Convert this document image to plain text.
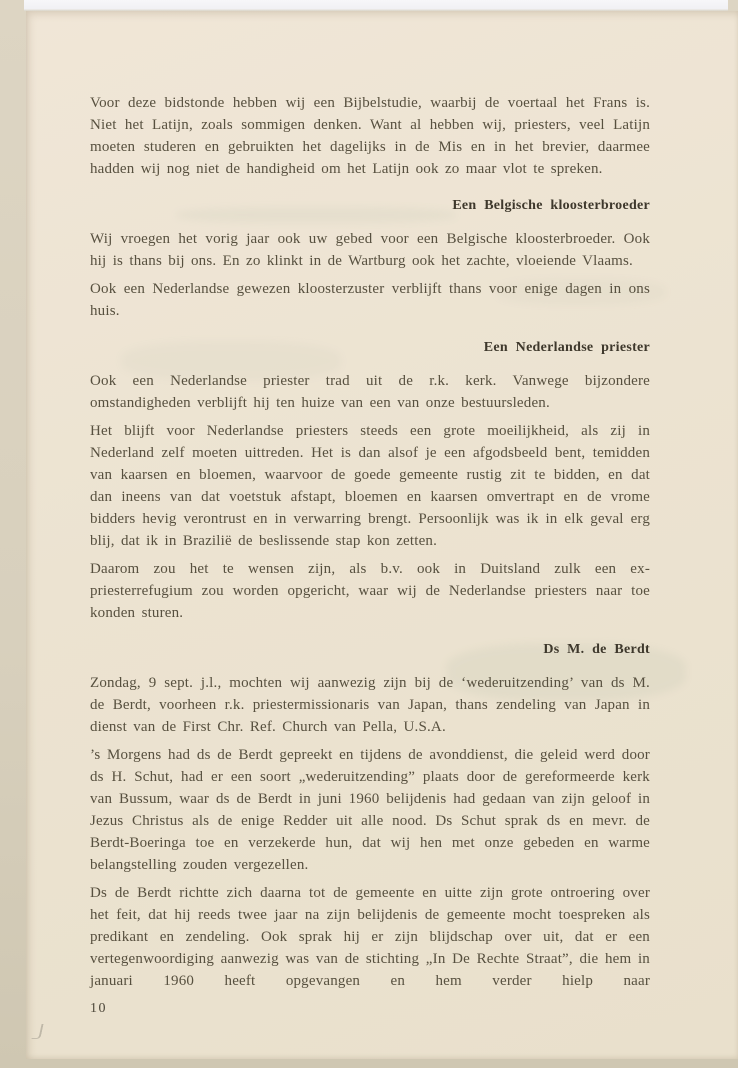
Voor deze bidstonde hebben wij een Bijbelstudie, waarbij de voertaal het Frans is. Niet het Latijn, zoals sommigen denken. Want al hebben wij, priesters, veel Latijn moeten studeren en gebruikten het dagelijks in de Mis en in het brevier, daarmee hadden wij nog niet de handigheid om het Latijn ook zo maar vlot te spreken.

Een Belgische kloosterbroeder

Wij vroegen het vorig jaar ook uw gebed voor een Belgische kloosterbroeder. Ook hij is thans bij ons. En zo klinkt in de Wartburg ook het zachte, vloeiende Vlaams.

Ook een Nederlandse gewezen kloosterzuster verblijft thans voor enige dagen in ons huis.

Een Nederlandse priester

Ook een Nederlandse priester trad uit de r.k. kerk. Vanwege bijzondere omstandigheden verblijft hij ten huize van een van onze bestuursleden.

Het blijft voor Nederlandse priesters steeds een grote moeilijkheid, als zij in Nederland zelf moeten uittreden. Het is dan alsof je een afgodsbeeld bent, temidden van kaarsen en bloemen, waarvoor de goede gemeente rustig zit te bidden, en dat dan ineens van dat voetstuk afstapt, bloemen en kaarsen omvertrapt en de vrome bidders hevig verontrust en in verwarring brengt. Persoonlijk was ik in elk geval erg blij, dat ik in Brazilië de beslissende stap kon zetten.

Daarom zou het te wensen zijn, als b.v. ook in Duitsland zulk een ex-priesterrefugium zou worden opgericht, waar wij de Nederlandse priesters naar toe konden sturen.

Ds M. de Berdt

Zondag, 9 sept. j.l., mochten wij aanwezig zijn bij de ‘wederuitzending’ van ds M. de Berdt, voorheen r.k. priestermissionaris van Japan, thans zendeling van Japan in dienst van de First Chr. Ref. Church van Pella, U.S.A.

’s Morgens had ds de Berdt gepreekt en tijdens de avonddienst, die geleid werd door ds H. Schut, had er een soort „wederuitzending” plaats door de gereformeerde kerk van Bussum, waar ds de Berdt in juni 1960 belijdenis had gedaan van zijn geloof in Jezus Christus als de enige Redder uit alle nood. Ds Schut sprak ds en mevr. de Berdt-Boeringa toe en verzekerde hun, dat wij hen met onze gebeden en warme belangstelling zouden vergezellen.

Ds de Berdt richtte zich daarna tot de gemeente en uitte zijn grote ontroering over het feit, dat hij reeds twee jaar na zijn belijdenis de gemeente mocht toespreken als predikant en zendeling. Ook sprak hij er zijn blijdschap over uit, dat er een vertegenwoordiging aanwezig was van de stichting „In De Rechte Straat”, die hem in januari 1960 heeft opgevangen en hem verder hielp naar

10
